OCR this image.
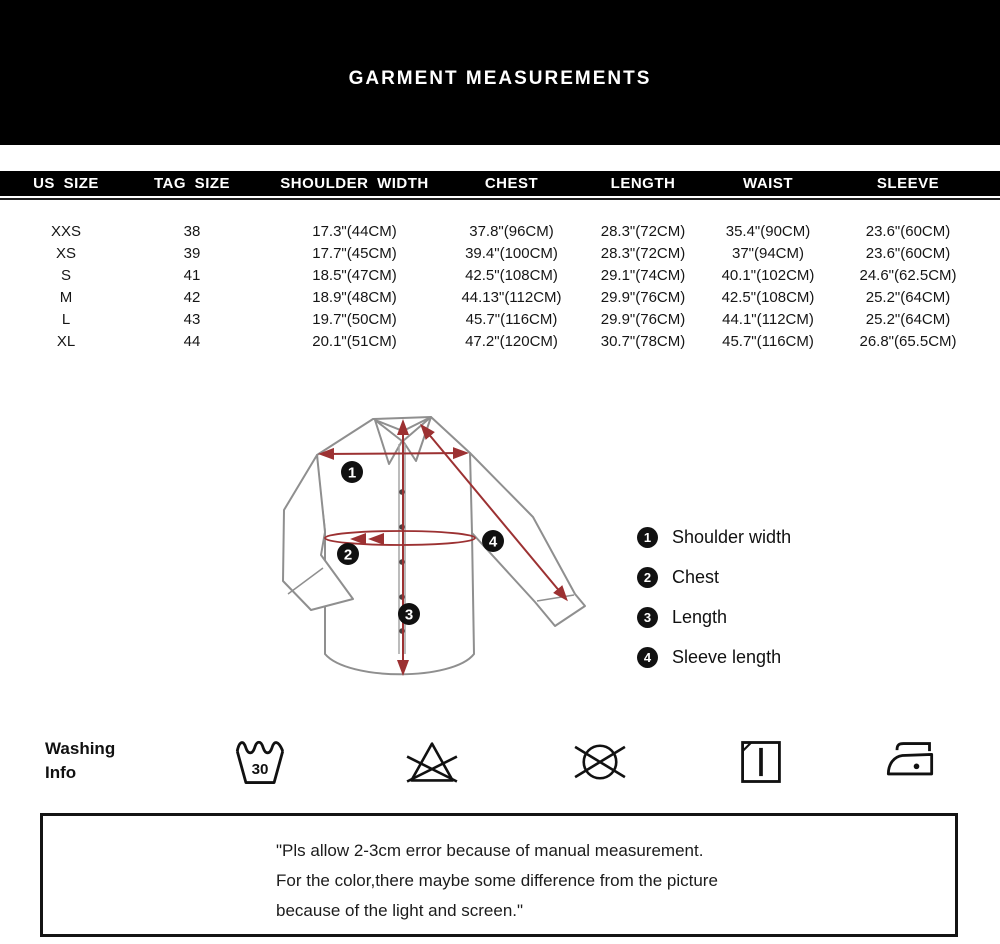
GARMENT MEASUREMENTS
US SIZE	TAG SIZE	SHOULDER WIDTH	CHEST	LENGTH	WAIST	SLEEVE
XXS	38	17.3"(44CM)	37.8"(96CM)	28.3"(72CM)	35.4"(90CM)	23.6"(60CM)
XS	39	17.7"(45CM)	39.4"(100CM)	28.3"(72CM)	37"(94CM)	23.6"(60CM)
S	41	18.5"(47CM)	42.5"(108CM)	29.1"(74CM)	40.1"(102CM)	24.6"(62.5CM)
M	42	18.9"(48CM)	44.13"(112CM)	29.9"(76CM)	42.5"(108CM)	25.2"(64CM)
L	43	19.7"(50CM)	45.7"(116CM)	29.9"(76CM)	44.1"(112CM)	25.2"(64CM)
XL	44	20.1"(51CM)	47.2"(120CM)	30.7"(78CM)	45.7"(116CM)	26.8"(65.5CM)
1
2
3
4	1	Shoulder width
2	Chest
3	Length
4	Sleeve length
Washing
Info	30
"Pls allow 2-3cm error because of manual measurement.
For the color,there maybe some difference from the picture
because of the light and screen."
